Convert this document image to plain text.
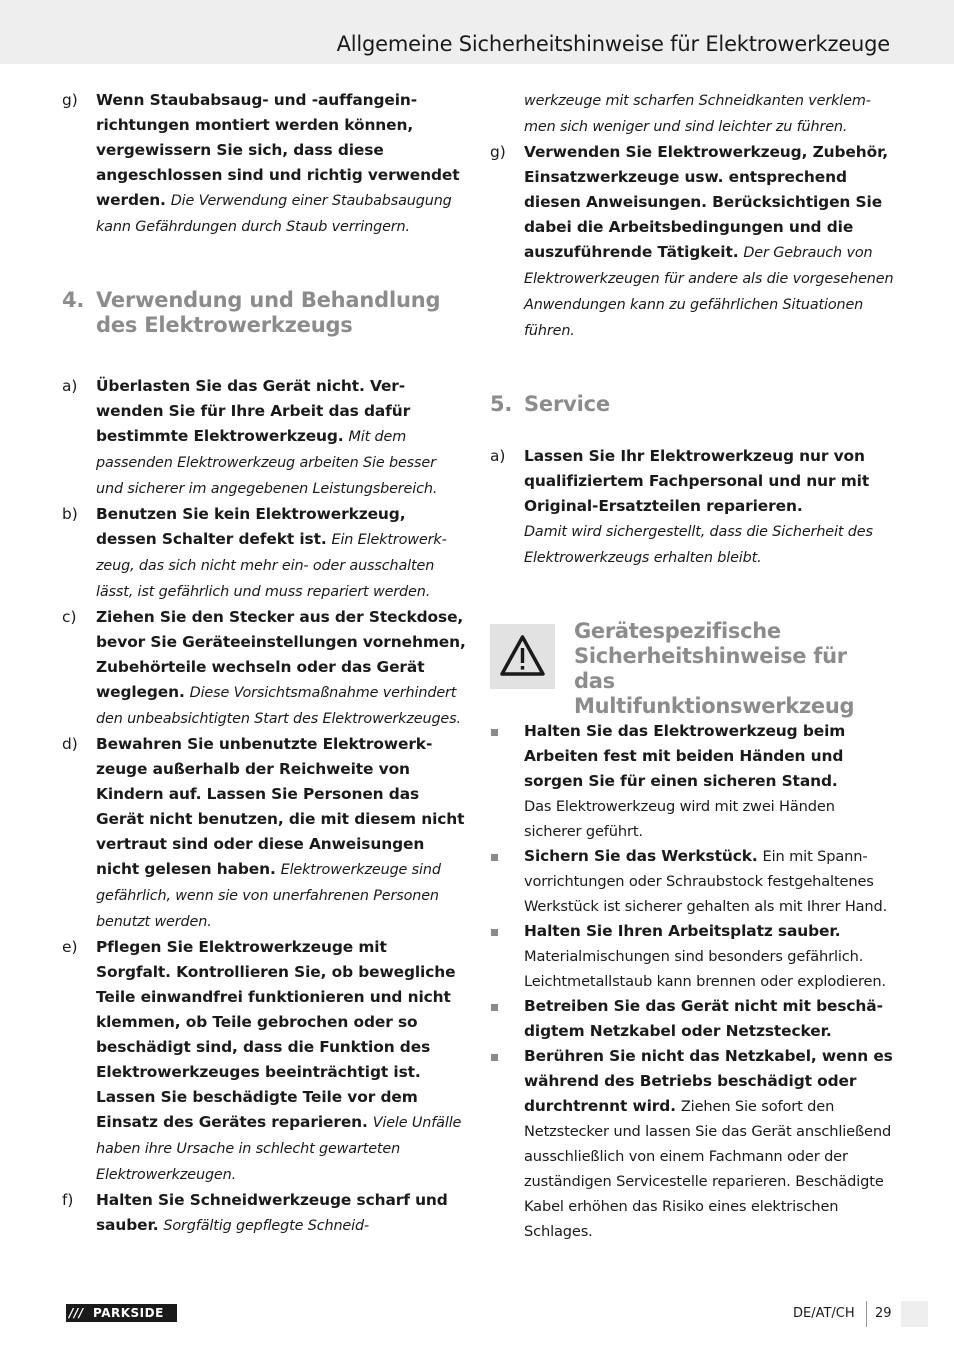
Allgemeine Sicherheitshinweise für Elektrowerkzeuge

g) Wenn Staubabsaug- und -auffangeinrichtungen montiert werden können, vergewissern Sie sich, dass diese angeschlossen sind und richtig verwendet werden. Die Verwendung einer Staubabsaugung kann Gefährdungen durch Staub verringern.

4. Verwendung und Behandlung des Elektrowerkzeugs

a) Überlasten Sie das Gerät nicht. Verwenden Sie für Ihre Arbeit das dafür bestimmte Elektrowerkzeug. Mit dem passenden Elektrowerkzeug arbeiten Sie besser und sicherer im angegebenen Leistungsbereich.

b) Benutzen Sie kein Elektrowerkzeug, dessen Schalter defekt ist. Ein Elektrowerkzeug, das sich nicht mehr ein- oder ausschalten lässt, ist gefährlich und muss repariert werden.

c) Ziehen Sie den Stecker aus der Steckdose, bevor Sie Geräteeinstellungen vornehmen, Zubehörteile wechseln oder das Gerät weglegen. Diese Vorsichtsmaßnahme verhindert den unbeabsichtigten Start des Elektrowerkzeuges.

d) Bewahren Sie unbenutzte Elektrowerkzeuge außerhalb der Reichweite von Kindern auf. Lassen Sie Personen das Gerät nicht benutzen, die mit diesem nicht vertraut sind oder diese Anweisungen nicht gelesen haben. Elektrowerkzeuge sind gefährlich, wenn sie von unerfahrenen Personen benutzt werden.

e) Pflegen Sie Elektrowerkzeuge mit Sorgfalt. Kontrollieren Sie, ob bewegliche Teile einwandfrei funktionieren und nicht klemmen, ob Teile gebrochen oder so beschädigt sind, dass die Funktion des Elektrowerkzeuges beeinträchtigt ist. Lassen Sie beschädigte Teile vor dem Einsatz des Gerätes reparieren. Viele Unfälle haben ihre Ursache in schlecht gewarteten Elektrowerkzeugen.

f) Halten Sie Schneidwerkzeuge scharf und sauber. Sorgfältig gepflegte Schneid-

werkzeuge mit scharfen Schneidkanten verklemmen sich weniger und sind leichter zu führen.

g) Verwenden Sie Elektrowerkzeug, Zubehör, Einsatzwerkzeuge usw. entsprechend diesen Anweisungen. Berücksichtigen Sie dabei die Arbeitsbedingungen und die auszuführende Tätigkeit. Der Gebrauch von Elektrowerkzeugen für andere als die vorgesehenen Anwendungen kann zu gefährlichen Situationen führen.

5. Service

a) Lassen Sie Ihr Elektrowerkzeug nur von qualifiziertem Fachpersonal und nur mit Original-Ersatzteilen reparieren.
Damit wird sichergestellt, dass die Sicherheit des Elektrowerkzeugs erhalten bleibt.

Gerätespezifische Sicherheitshinweise für das Multifunktionswerkzeug

Halten Sie das Elektrowerkzeug beim Arbeiten fest mit beiden Händen und sorgen Sie für einen sicheren Stand.
Das Elektrowerkzeug wird mit zwei Händen sicherer geführt.

Sichern Sie das Werkstück. Ein mit Spannvorrichtungen oder Schraubstock festgehaltenes Werkstück ist sicherer gehalten als mit Ihrer Hand.

Halten Sie Ihren Arbeitsplatz sauber.
Materialmischungen sind besonders gefährlich. Leichtmetallstaub kann brennen oder explodieren.

Betreiben Sie das Gerät nicht mit beschädigtem Netzkabel oder Netzstecker.

Berühren Sie nicht das Netzkabel, wenn es während des Betriebs beschädigt oder durchtrennt wird. Ziehen Sie sofort den Netzstecker und lassen Sie das Gerät anschließend ausschließlich von einem Fachmann oder der zuständigen Servicestelle reparieren. Beschädigte Kabel erhöhen das Risiko eines elektrischen Schlages.

/// PARKSIDE	DE/AT/CH 29
